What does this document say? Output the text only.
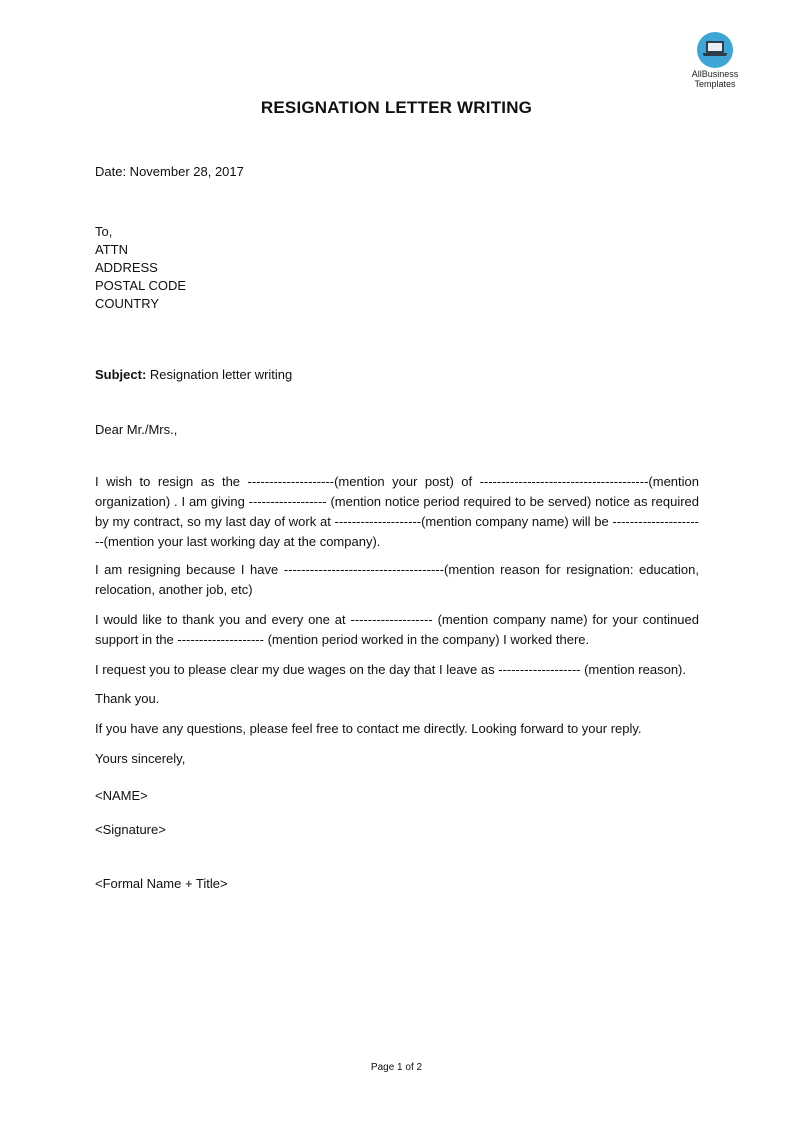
AllBusiness
Templates
RESIGNATION LETTER WRITING
Date: November 28, 2017
To,
ATTN
ADDRESS
POSTAL CODE
COUNTRY
Subject: Resignation letter writing
Dear Mr./Mrs.,
I wish to resign as the --------------------(mention your post) of ---------------------------------------(mention organization) . I am giving ------------------ (mention notice period required to be served) notice as required by my contract, so my last day of work at --------------------(mention company name) will be ----------------------(mention your last working day at the company).
I am resigning because I have -------------------------------------(mention reason for resignation: education, relocation, another job, etc)
I would like to thank you and every one at ------------------- (mention company name) for your continued support in the -------------------- (mention period worked in the company) I worked there.
I request you to please clear my due wages on the day that I leave as ------------------- (mention reason).
Thank you.
If you have any questions, please feel free to contact me directly. Looking forward to your reply.
Yours sincerely,
<NAME>
<Signature>
<Formal Name + Title>
Page 1 of 2
